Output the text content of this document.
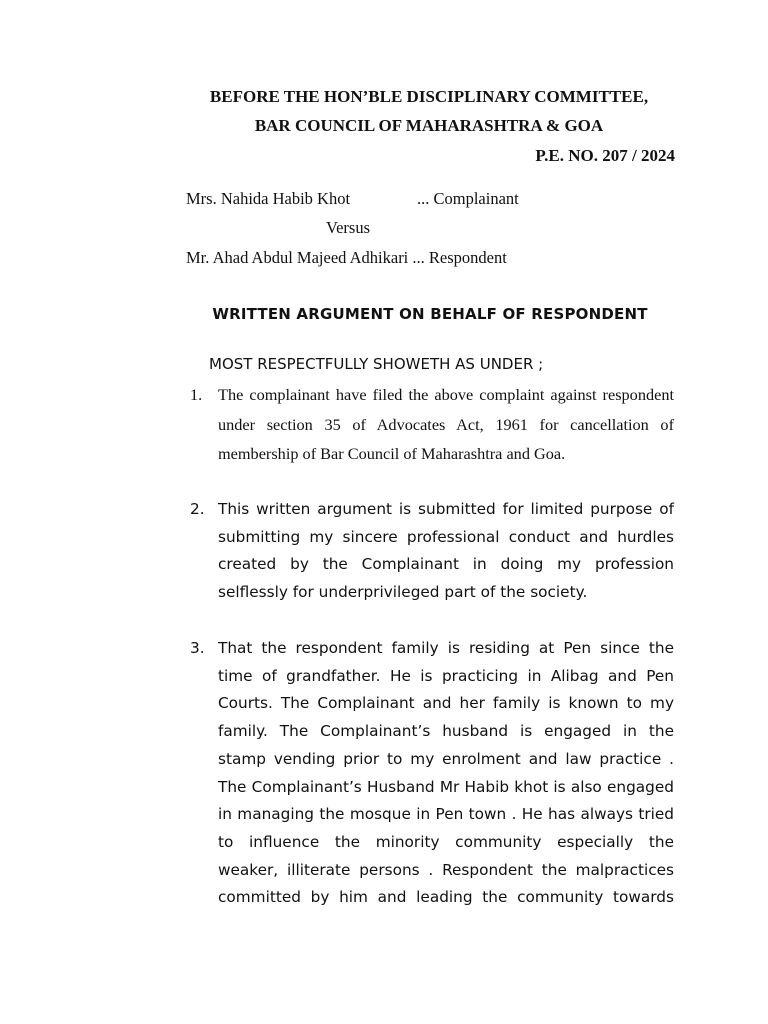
BEFORE THE HON’BLE DISCIPLINARY COMMITTEE,
BAR COUNCIL OF MAHARASHTRA & GOA
P.E. NO. 207 / 2024
Mrs. Nahida Habib Khot	... Complainant
Versus
Mr. Ahad Abdul Majeed Adhikari ... Respondent
WRITTEN ARGUMENT ON BEHALF OF RESPONDENT
MOST RESPECTFULLY SHOWETH AS UNDER ;
1. The complainant have filed the above complaint against respondent under section 35 of Advocates Act, 1961 for cancellation of membership of Bar Council of Maharashtra and Goa.
2. This written argument is submitted for limited purpose of submitting my sincere professional conduct and hurdles created by the Complainant in doing my profession selflessly for underprivileged part of the society.
3. That the respondent family is residing at Pen since the time of grandfather. He is practicing in Alibag and Pen Courts. The Complainant and her family is known to my family. The Complainant’s husband is engaged in the stamp vending prior to my enrolment and law practice . The Complainant’s Husband Mr Habib khot is also engaged in managing the mosque in Pen town . He has always tried to influence the minority community especially the weaker, illiterate persons . Respondent the malpractices committed by him and leading the community towards
